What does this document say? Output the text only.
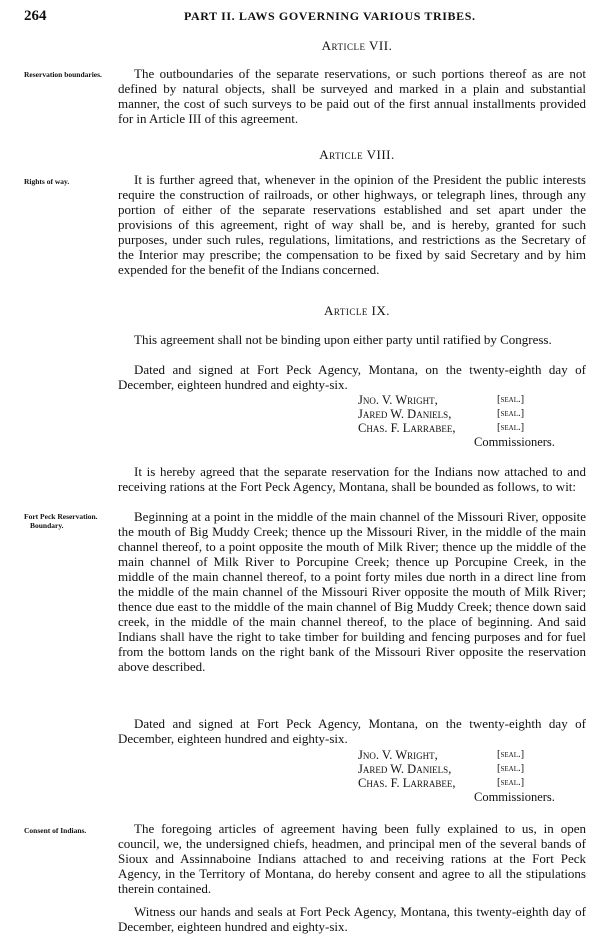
264	PART II. LAWS GOVERNING VARIOUS TRIBES.
Article VII.
Reservation boundaries.	The outboundaries of the separate reservations, or such portions thereof as are not defined by natural objects, shall be surveyed and marked in a plain and substantial manner, the cost of such surveys to be paid out of the first annual installments provided for in Article III of this agreement.
Article VIII.
Rights of way.	It is further agreed that, whenever in the opinion of the President the public interests require the construction of railroads, or other highways, or telegraph lines, through any portion of either of the separate reservations established and set apart under the provisions of this agreement, right of way shall be, and is hereby, granted for such purposes, under such rules, regulations, limitations, and restrictions as the Secretary of the Interior may prescribe; the compensation to be fixed by said Secretary and by him expended for the benefit of the Indians concerned.
Article IX.
This agreement shall not be binding upon either party until ratified by Congress.
Dated and signed at Fort Peck Agency, Montana, on the twenty-eighth day of December, eighteen hundred and eighty-six.
Jno. V. Wright,	[seal.]
Jared W. Daniels,	[seal.]
Chas. F. Larrabee,	[seal.]
Commissioners.
It is hereby agreed that the separate reservation for the Indians now attached to and receiving rations at the Fort Peck Agency, Montana, shall be bounded as follows, to wit:
Fort Peck Reservation.
Boundary.
Beginning at a point in the middle of the main channel of the Missouri River, opposite the mouth of Big Muddy Creek; thence up the Missouri River, in the middle of the main channel thereof, to a point opposite the mouth of Milk River; thence up the middle of the main channel of Milk River to Porcupine Creek; thence up Porcupine Creek, in the middle of the main channel thereof, to a point forty miles due north in a direct line from the middle of the main channel of the Missouri River opposite the mouth of Milk River; thence due east to the middle of the main channel of Big Muddy Creek; thence down said creek, in the middle of the main channel thereof, to the place of beginning. And said Indians shall have the right to take timber for building and fencing purposes and for fuel from the bottom lands on the right bank of the Missouri River opposite the reservation above described.
Dated and signed at Fort Peck Agency, Montana, on the twenty-eighth day of December, eighteen hundred and eighty-six.
Jno. V. Wright,	[seal.]
Jared W. Daniels,	[seal.]
Chas. F. Larrabee,	[seal.]
Commissioners.
Consent of Indians.	The foregoing articles of agreement having been fully explained to us, in open council, we, the undersigned chiefs, headmen, and principal men of the several bands of Sioux and Assinnaboine Indians attached to and receiving rations at the Fort Peck Agency, in the Territory of Montana, do hereby consent and agree to all the stipulations therein contained.
Witness our hands and seals at Fort Peck Agency, Montana, this twenty-eighth day of December, eighteen hundred and eighty-six.
